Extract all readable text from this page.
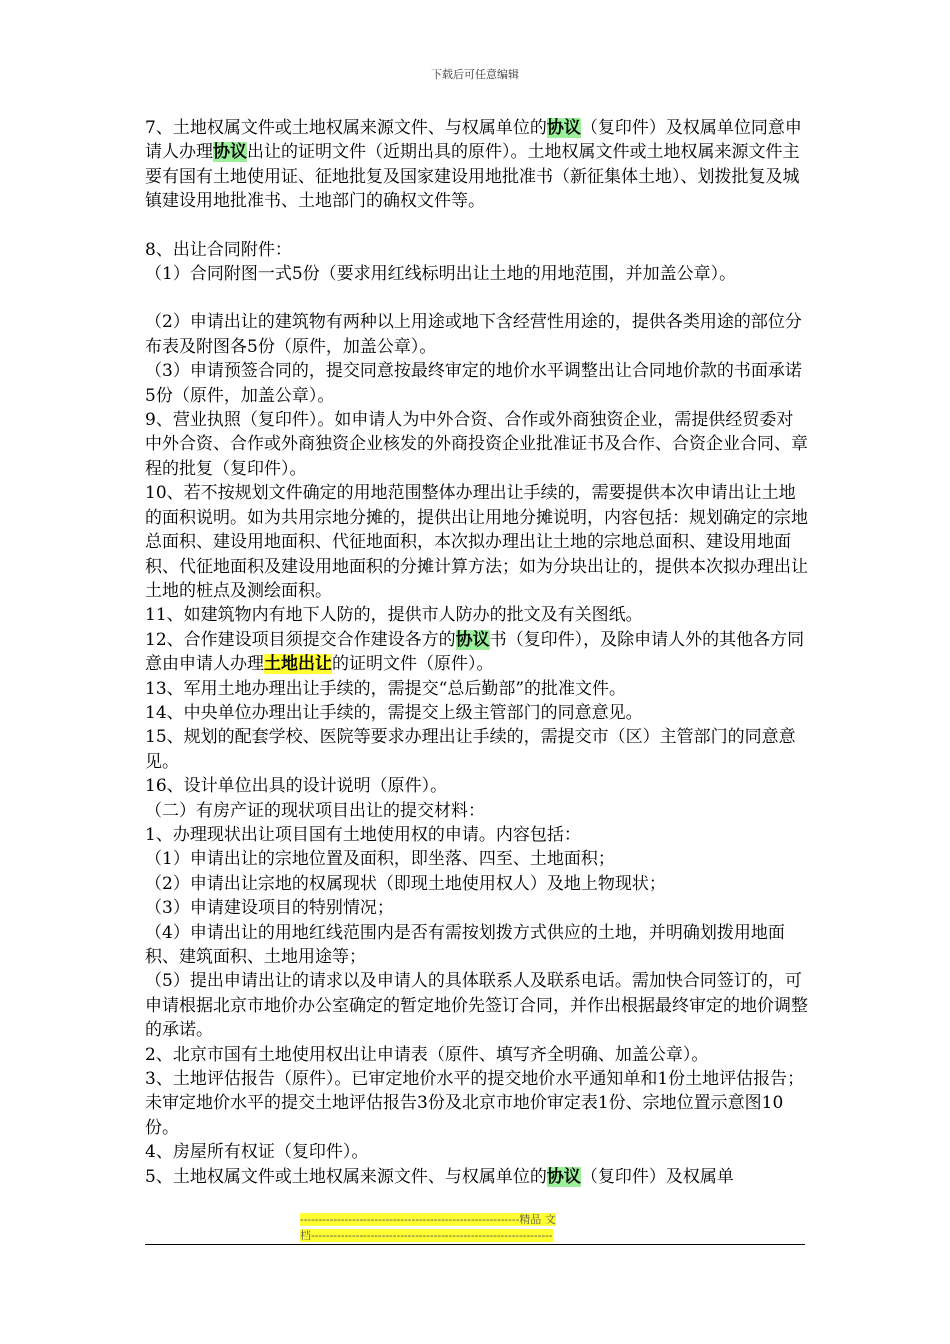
下载后可任意编辑

7、土地权属文件或土地权属来源文件、与权属单位的协议（复印件）及权属单位同意申请人办理协议出让的证明文件（近期出具的原件）。土地权属文件或土地权属来源文件主要有国有土地使用证、征地批复及国家建设用地批准书（新征集体土地）、划拨批复及城镇建设用地批准书、土地部门的确权文件等。

8、出让合同附件：

（1）合同附图一式5份（要求用红线标明出让土地的用地范围，并加盖公章）。

（2）申请出让的建筑物有两种以上用途或地下含经营性用途的，提供各类用途的部位分布表及附图各5份（原件，加盖公章）。

（3）申请预签合同的，提交同意按最终审定的地价水平调整出让合同地价款的书面承诺5份（原件，加盖公章）。

9、营业执照（复印件）。如申请人为中外合资、合作或外商独资企业，需提供经贸委对中外合资、合作或外商独资企业核发的外商投资企业批准证书及合作、合资企业合同、章程的批复（复印件）。

10、若不按规划文件确定的用地范围整体办理出让手续的，需要提供本次申请出让土地的面积说明。如为共用宗地分摊的，提供出让用地分摊说明，内容包括：规划确定的宗地总面积、建设用地面积、代征地面积，本次拟办理出让土地的宗地总面积、建设用地面积、代征地面积及建设用地面积的分摊计算方法；如为分块出让的，提供本次拟办理出让土地的桩点及测绘面积。

11、如建筑物内有地下人防的，提供市人防办的批文及有关图纸。

12、合作建设项目须提交合作建设各方的协议书（复印件），及除申请人外的其他各方同意由申请人办理土地出让的证明文件（原件）。

13、军用土地办理出让手续的，需提交“总后勤部”的批准文件。

14、中央单位办理出让手续的，需提交上级主管部门的同意意见。

15、规划的配套学校、医院等要求办理出让手续的，需提交市（区）主管部门的同意意见。

16、设计单位出具的设计说明（原件）。

（二）有房产证的现状项目出让的提交材料：

1、办理现状出让项目国有土地使用权的申请。内容包括：

（1）申请出让的宗地位置及面积，即坐落、四至、土地面积；

（2）申请出让宗地的权属现状（即现土地使用权人）及地上物现状；

（3）申请建设项目的特别情况；

（4）申请出让的用地红线范围内是否有需按划拨方式供应的土地，并明确划拨用地面积、建筑面积、土地用途等；

（5）提出申请出让的请求以及申请人的具体联系人及联系电话。需加快合同签订的，可申请根据北京市地价办公室确定的暂定地价先签订合同，并作出根据最终审定的地价调整的承诺。

2、北京市国有土地使用权出让申请表（原件、填写齐全明确、加盖公章）。

3、土地评估报告（原件）。已审定地价水平的提交地价水平通知单和1份土地评估报告；未审定地价水平的提交土地评估报告3份及北京市地价审定表1份、宗地位置示意图10份。

4、房屋所有权证（复印件）。

5、土地权属文件或土地权属来源文件、与权属单位的协议（复印件）及权属单

-----------------------------------------------------------精品 文
档-----------------------------------------------------------------
